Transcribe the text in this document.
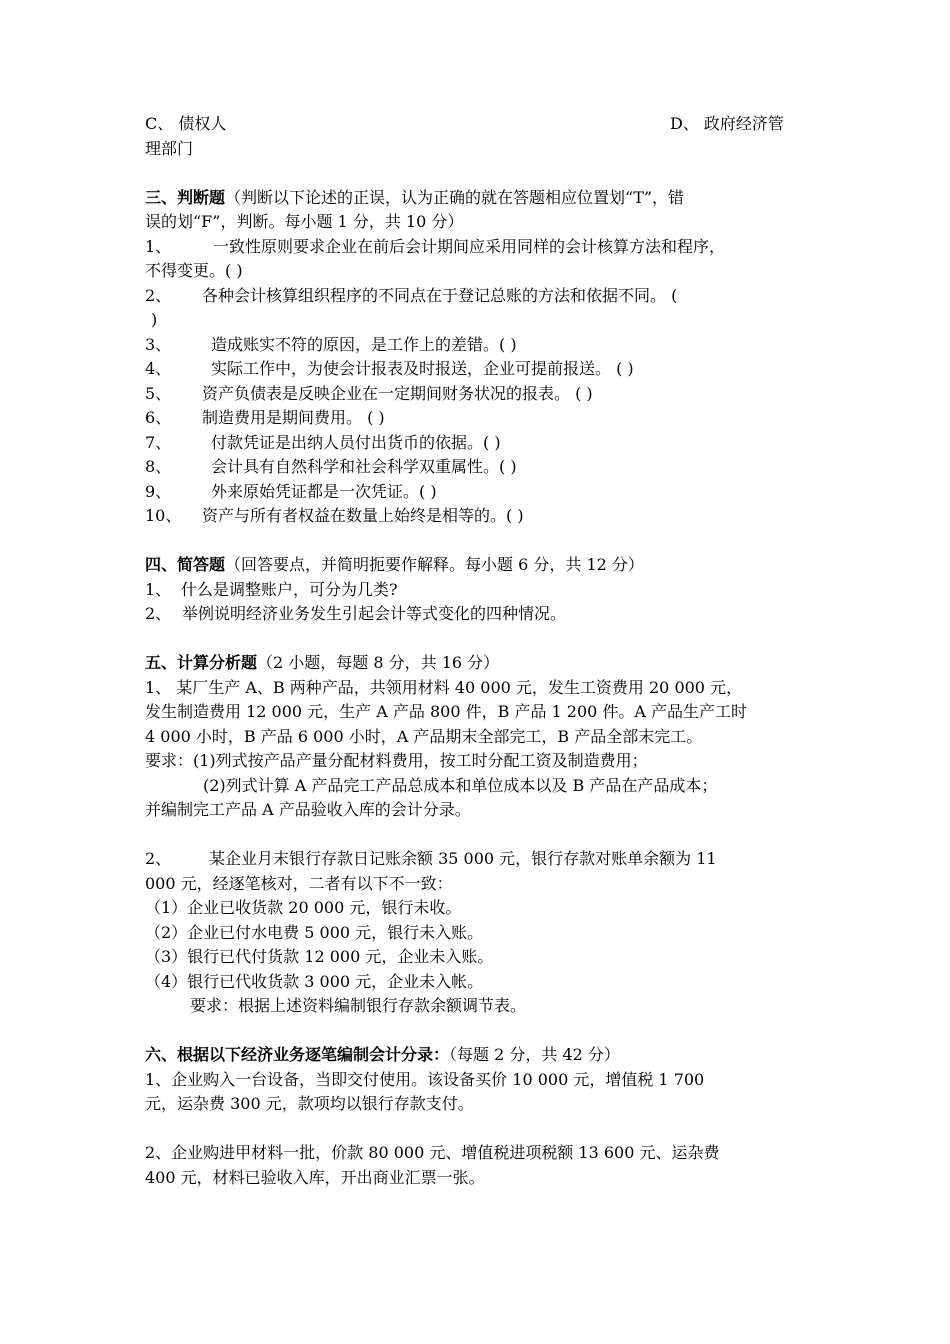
C、 债权人	D、 政府经济管
理部门
三、判断题（判断以下论述的正误，认为正确的就在答题相应位置划“T”，错
误的划“F”，判断。每小题 1 分，共 10 分）
1、	一致性原则要求企业在前后会计期间应采用同样的会计核算方法和程序，
不得变更。( )
2、 各种会计核算组织程序的不同点在于登记总账的方法和依据不同。 (
)
3、 造成账实不符的原因，是工作上的差错。( )
4、 实际工作中，为使会计报表及时报送，企业可提前报送。 ( )
5、 资产负债表是反映企业在一定期间财务状况的报表。 ( )
6、 制造费用是期间费用。 ( )
7、 付款凭证是出纳人员付出货币的依据。( )
8、 会计具有自然科学和社会科学双重属性。( )
9、 外来原始凭证都是一次凭证。( )
10、 资产与所有者权益在数量上始终是相等的。( )
四、简答题（回答要点，并简明扼要作解释。每小题 6 分，共 12 分）
1、 什么是调整账户，可分为几类?
2、 举例说明经济业务发生引起会计等式变化的四种情况。
五、计算分析题（2 小题，每题 8 分，共 16 分）
1、 某厂生产 A、B 两种产品，共领用材料 40 000 元，发生工资费用 20 000 元，
发生制造费用 12 000 元，生产 A 产品 800 件，B 产品 1 200 件。A 产品生产工时
4 000 小时，B 产品 6 000 小时，A 产品期末全部完工，B 产品全部末完工。
要求：(1)列式按产品产量分配材料费用，按工时分配工资及制造费用；
(2)列式计算 A 产品完工产品总成本和单位成本以及 B 产品在产品成本；
并编制完工产品 A 产品验收入库的会计分录。
2、 某企业月末银行存款日记账余额 35 000 元，银行存款对账单余额为 11
000 元，经逐笔核对，二者有以下不一致：
（1）企业已收货款 20 000 元，银行未收。
（2）企业已付水电费 5 000 元，银行未入账。
（3）银行已代付货款 12 000 元，企业未入账。
（4）银行已代收货款 3 000 元，企业未入帐。
要求：根据上述资料编制银行存款余额调节表。
六、根据以下经济业务逐笔编制会计分录：（每题 2 分，共 42 分）
1、企业购入一台设备，当即交付使用。该设备买价 10 000 元，增值税 1 700
元，运杂费 300 元，款项均以银行存款支付。
2、企业购进甲材料一批，价款 80 000 元、增值税进项税额 13 600 元、运杂费
400 元，材料已验收入库，开出商业汇票一张。
